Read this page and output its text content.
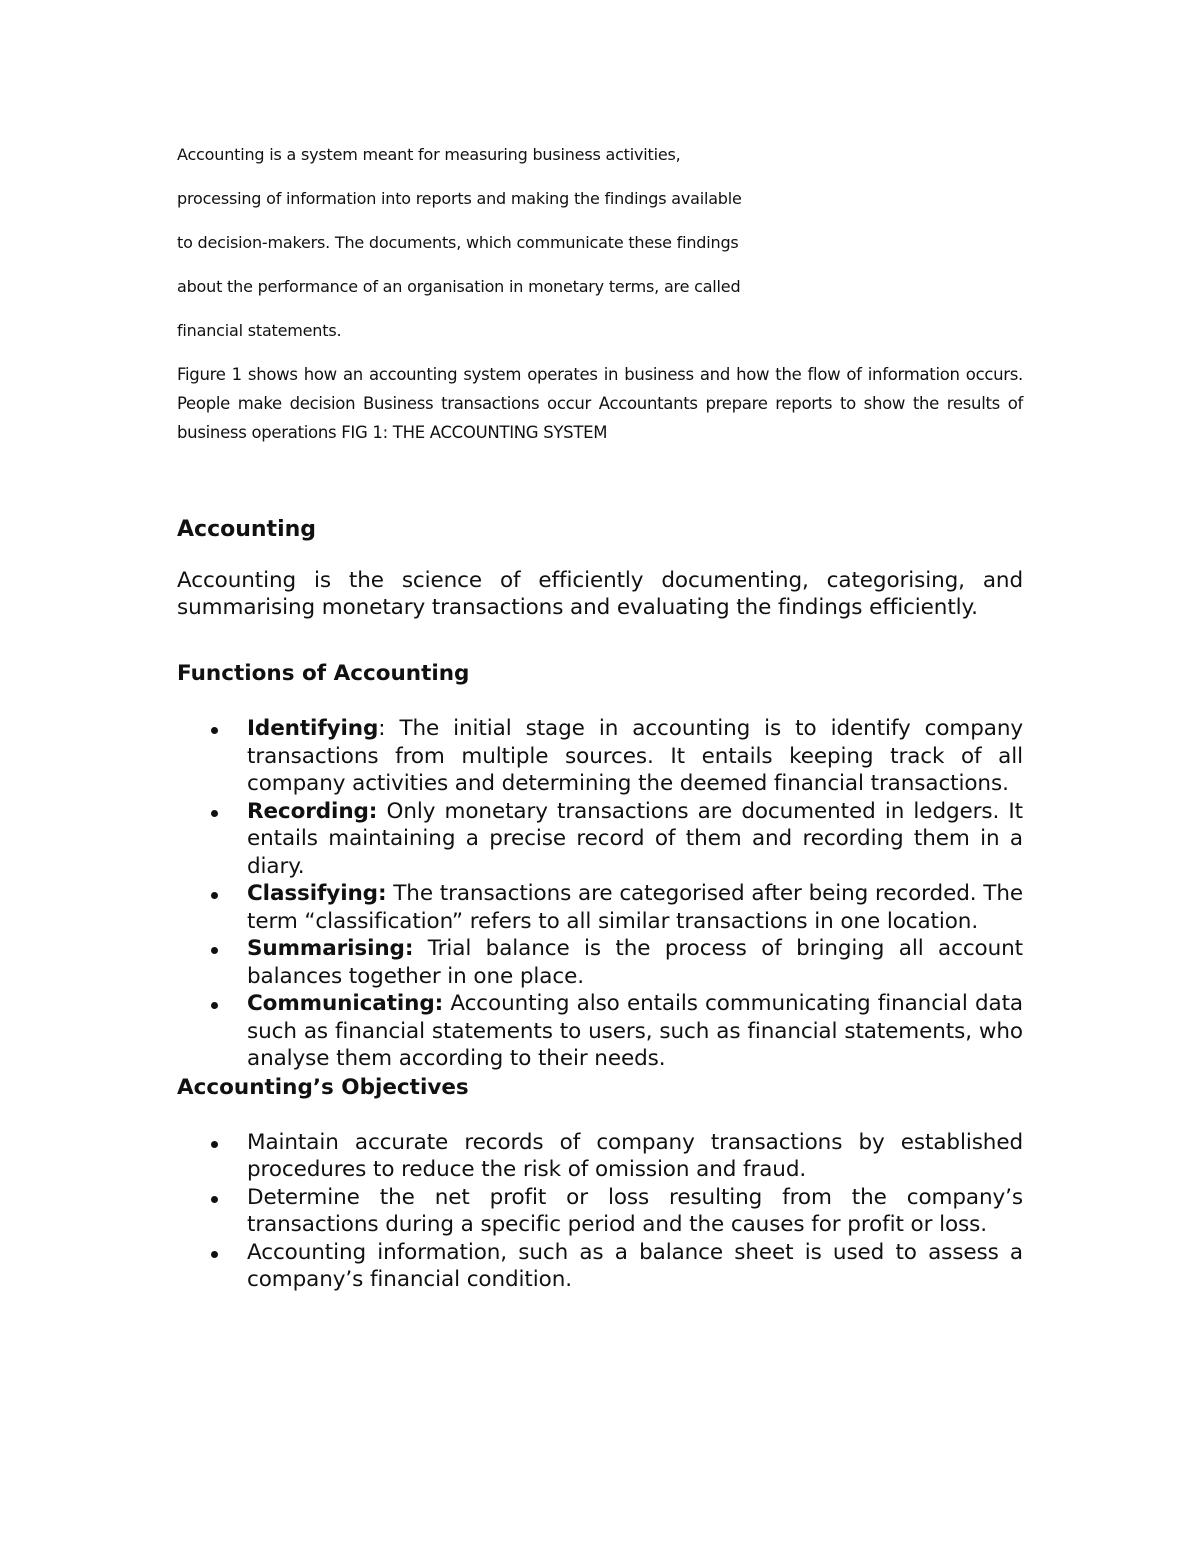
Accounting is a system meant for measuring business activities,

processing of information into reports and making the findings available

to decision-makers. The documents, which communicate these findings

about the performance of an organisation in monetary terms, are called

financial statements.

Figure 1 shows how an accounting system operates in business and how the flow of information occurs. People make decision Business transactions occur Accountants prepare reports to show the results of business operations FIG 1: THE ACCOUNTING SYSTEM

Accounting

Accounting is the science of efficiently documenting, categorising, and summarising monetary transactions and evaluating the findings efficiently.

Functions of Accounting
Identifying: The initial stage in accounting is to identify company transactions from multiple sources. It entails keeping track of all company activities and determining the deemed financial transactions.
Recording: Only monetary transactions are documented in ledgers. It entails maintaining a precise record of them and recording them in a diary.
Classifying: The transactions are categorised after being recorded. The term “classification” refers to all similar transactions in one location.
Summarising: Trial balance is the process of bringing all account balances together in one place.
Communicating: Accounting also entails communicating financial data such as financial statements to users, such as financial statements, who analyse them according to their needs.
Accounting’s Objectives
Maintain accurate records of company transactions by established procedures to reduce the risk of omission and fraud.
Determine the net profit or loss resulting from the company’s transactions during a specific period and the causes for profit or loss.
Accounting information, such as a balance sheet is used to assess a company’s financial condition.
